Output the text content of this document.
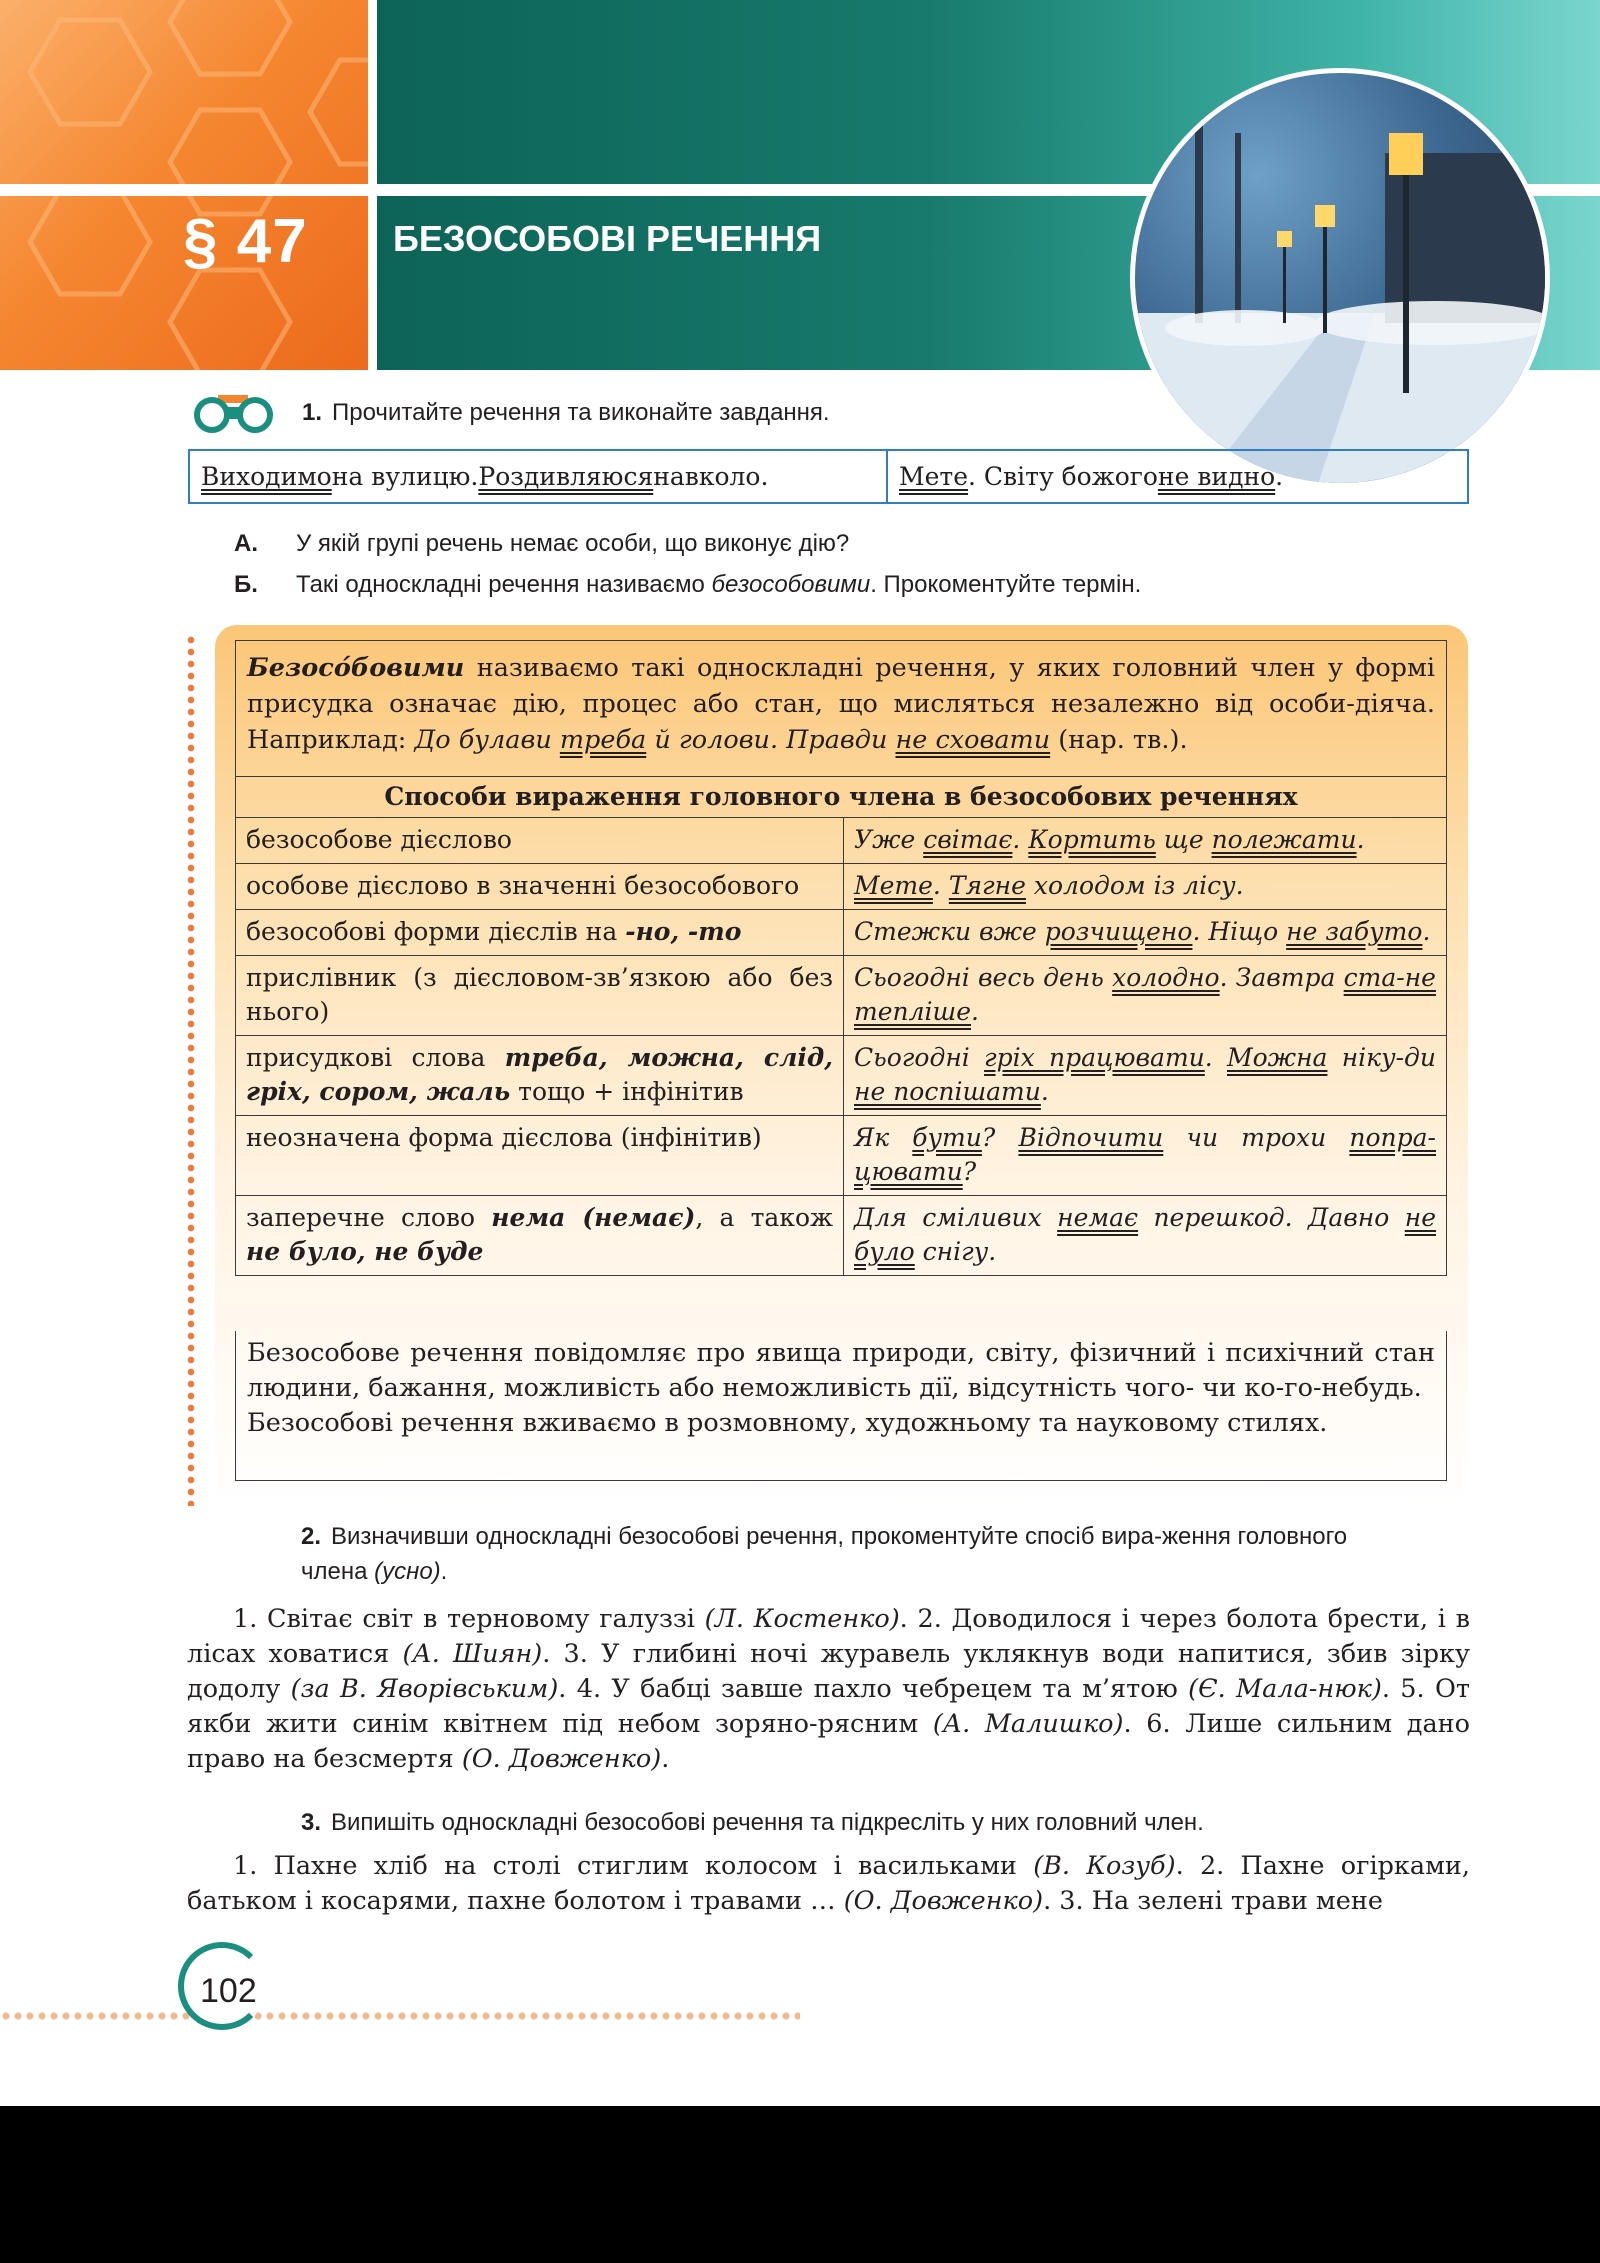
§ 47 БЕЗОСОБОВІ РЕЧЕННЯ
1. Прочитайте речення та виконайте завдання.
Виходимо на вулицю. Роздивляюся навколо.	Мете . Світу божого не видно .
А. У якій групі речень немає особи, що виконує дію?
Б. Такі односкладні речення називаємо безособовими. Прокоментуйте термін.
Безосо́бовими називаємо такі односкладні речення, у яких головний член у формі присудка означає дію, процес або стан, що мисляться незалежно від особи-діяча. Наприклад: До булави треба й голови. Правди не сховати (нар. тв.).
Способи вираження головного члена в безособових реченнях	
безособове дієслово	Уже світає. Кортить ще полежати.
особове дієслово в значенні безособового	Мете. Тягне холодом із лісу.
безособові форми дієслів на -но, -то	Стежки вже розчищено. Ніщо не забуто.
прислівник (з дієсловом-зв’язкою або без нього)	Сьогодні весь день холодно. Завтра ста-не тепліше.
присудкові слова треба, можна, слід, гріх, сором, жаль тощо + інфінітив	Сьогодні гріх працювати. Можна ніку-ди не поспішати.
неозначена форма дієслова (інфінітив)	Як бути? Відпочити чи трохи попра-цювати?
заперечне слово нема (немає), а також не було, не буде	Для сміливих немає перешкод. Давно не було снігу.
Безособове речення повідомляє про явища природи, світу, фізичний і психічний стан людини, бажання, можливість або неможливість дії, відсутність чого- чи ко-го-небудь.
Безособові речення вживаємо в розмовному, художньому та науковому стилях.
2. Визначивши односкладні безособові речення, прокоментуйте спосіб вира-ження головного члена (усно).

1. Світає світ в терновому галуззі (Л. Костенко). 2. Доводилося і через болота брести, і в лісах ховатися (А. Шиян). 3. У глибині ночі журавель уклякнув води напитися, збив зірку додолу (за В. Яворівським). 4. У бабці завше пахло чебрецем та м’ятою (Є. Мала-нюк). 5. От якби жити синім квітнем під небом зоряно-рясним (А. Малишко). 6. Лише сильним дано право на безсмертя (О. Довженко).

3. Випишіть односкладні безособові речення та підкресліть у них головний член.

1. Пахне хліб на столі стиглим колосом і васильками (В. Козуб). 2. Пахне огірками, батьком і косарями, пахне болотом і травами … (О. Довженко). 3. На зелені трави мене

102
